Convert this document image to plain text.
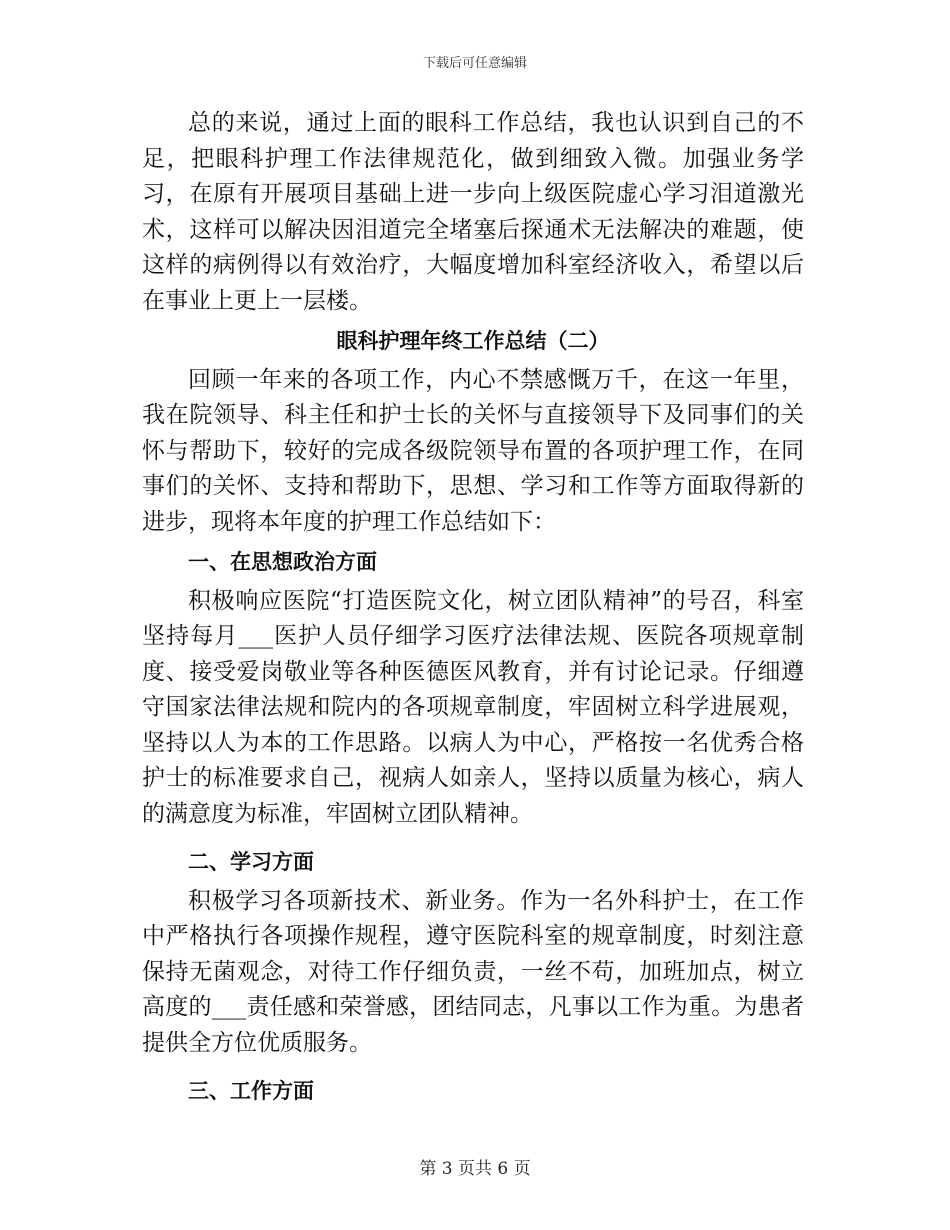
下载后可任意编辑

总的来说，通过上面的眼科工作总结，我也认识到自己的不足，把眼科护理工作法律规范化，做到细致入微。加强业务学习，在原有开展项目基础上进一步向上级医院虚心学习泪道激光术，这样可以解决因泪道完全堵塞后探通术无法解决的难题，使这样的病例得以有效治疗，大幅度增加科室经济收入，希望以后在事业上更上一层楼。

眼科护理年终工作总结（二）

回顾一年来的各项工作，内心不禁感慨万千，在这一年里，我在院领导、科主任和护士长的关怀与直接领导下及同事们的关怀与帮助下，较好的完成各级院领导布置的各项护理工作，在同事们的关怀、支持和帮助下，思想、学习和工作等方面取得新的进步，现将本年度的护理工作总结如下：

一、在思想政治方面

积极响应医院“打造医院文化，树立团队精神”的号召，科室坚持每月___医护人员仔细学习医疗法律法规、医院各项规章制度、接受爱岗敬业等各种医德医风教育，并有讨论记录。仔细遵守国家法律法规和院内的各项规章制度，牢固树立科学进展观，坚持以人为本的工作思路。以病人为中心，严格按一名优秀合格护士的标准要求自己，视病人如亲人，坚持以质量为核心，病人的满意度为标准，牢固树立团队精神。

二、学习方面

积极学习各项新技术、新业务。作为一名外科护士，在工作中严格执行各项操作规程，遵守医院科室的规章制度，时刻注意保持无菌观念，对待工作仔细负责，一丝不苟，加班加点，树立高度的___责任感和荣誉感，团结同志，凡事以工作为重。为患者提供全方位优质服务。

三、工作方面

第 3 页共 6 页
